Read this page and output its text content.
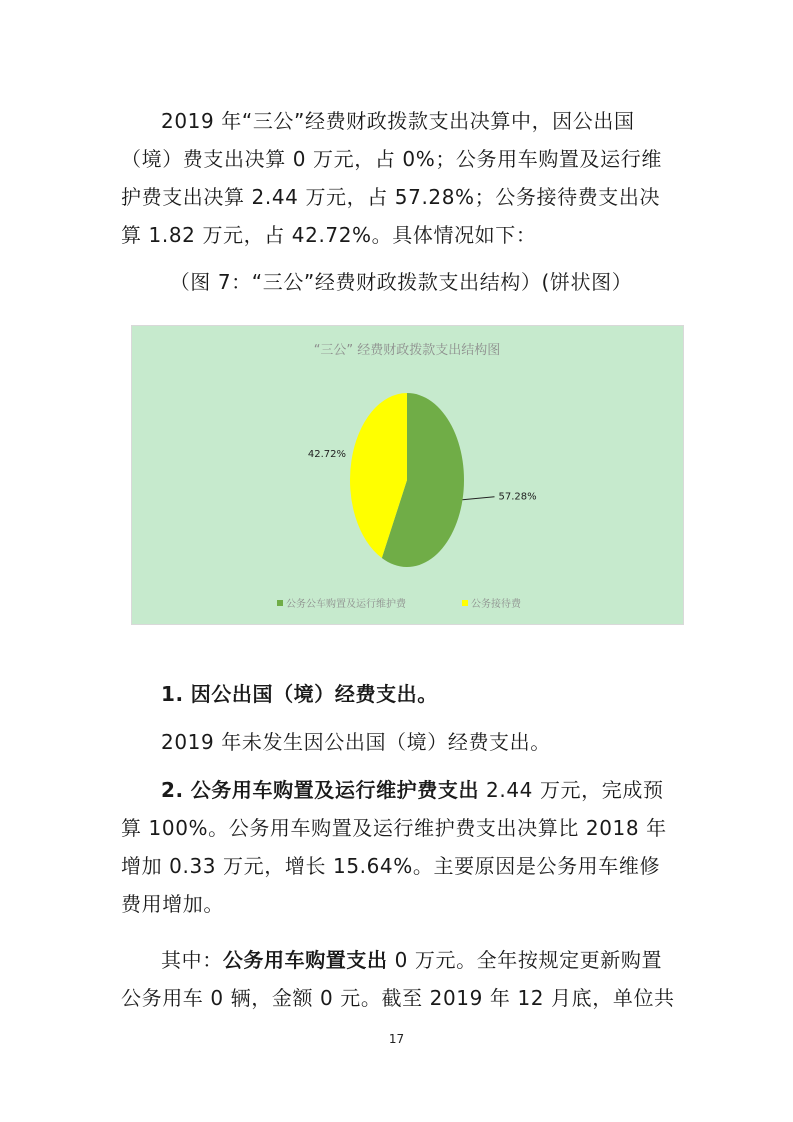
2019 年“三公”经费财政拨款支出决算中，因公出国
（境）费支出决算 0 万元，占 0%；公务用车购置及运行维
护费支出决算 2.44 万元，占 57.28%；公务接待费支出决
算 1.82 万元，占 42.72%。具体情况如下：
（图 7：“三公”经费财政拨款支出结构）(饼状图）
“三公” 经费财政拨款支出结构图
57.28%
42.72%
公务公车购置及运行维护费	公务接待费
1. 因公出国（境）经费支出。
2019 年未发生因公出国（境）经费支出。
2. 公务用车购置及运行维护费支出 2.44 万元，完成预
算 100%。公务用车购置及运行维护费支出决算比 2018 年
增加 0.33 万元，增长 15.64%。主要原因是公务用车维修
费用增加。
其中：公务用车购置支出 0 万元。全年按规定更新购置
公务用车 0 辆，金额 0 元。截至 2019 年 12 月底，单位共
17
